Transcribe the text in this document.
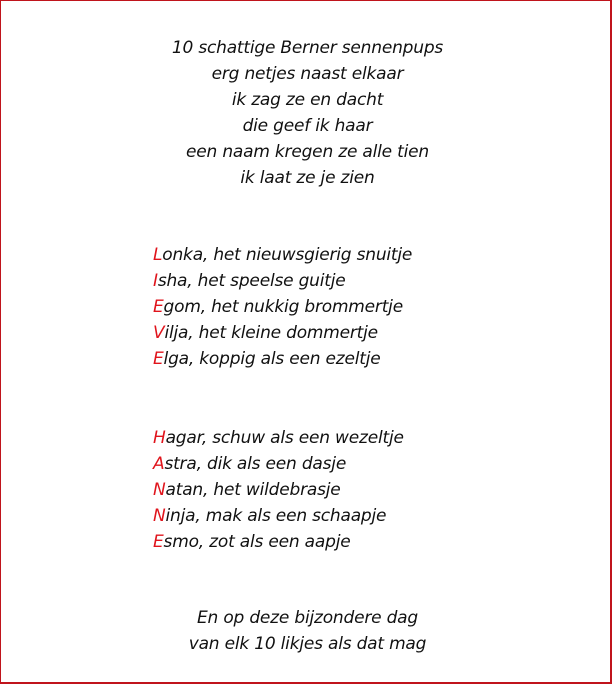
10 schattige Berner sennenpups
erg netjes naast elkaar
ik zag ze en dacht
die geef ik haar
een naam kregen ze alle tien
ik laat ze je zien
Lonka, het nieuwsgierig snuitje
Isha, het speelse guitje
Egom, het nukkig brommertje
Vilja, het kleine dommertje
Elga, koppig als een ezeltje
Hagar, schuw als een wezeltje
Astra, dik als een dasje
Natan, het wildebrasje
Ninja, mak als een schaapje
Esmo, zot als een aapje
En op deze bijzondere dag
van elk 10 likjes als dat mag
